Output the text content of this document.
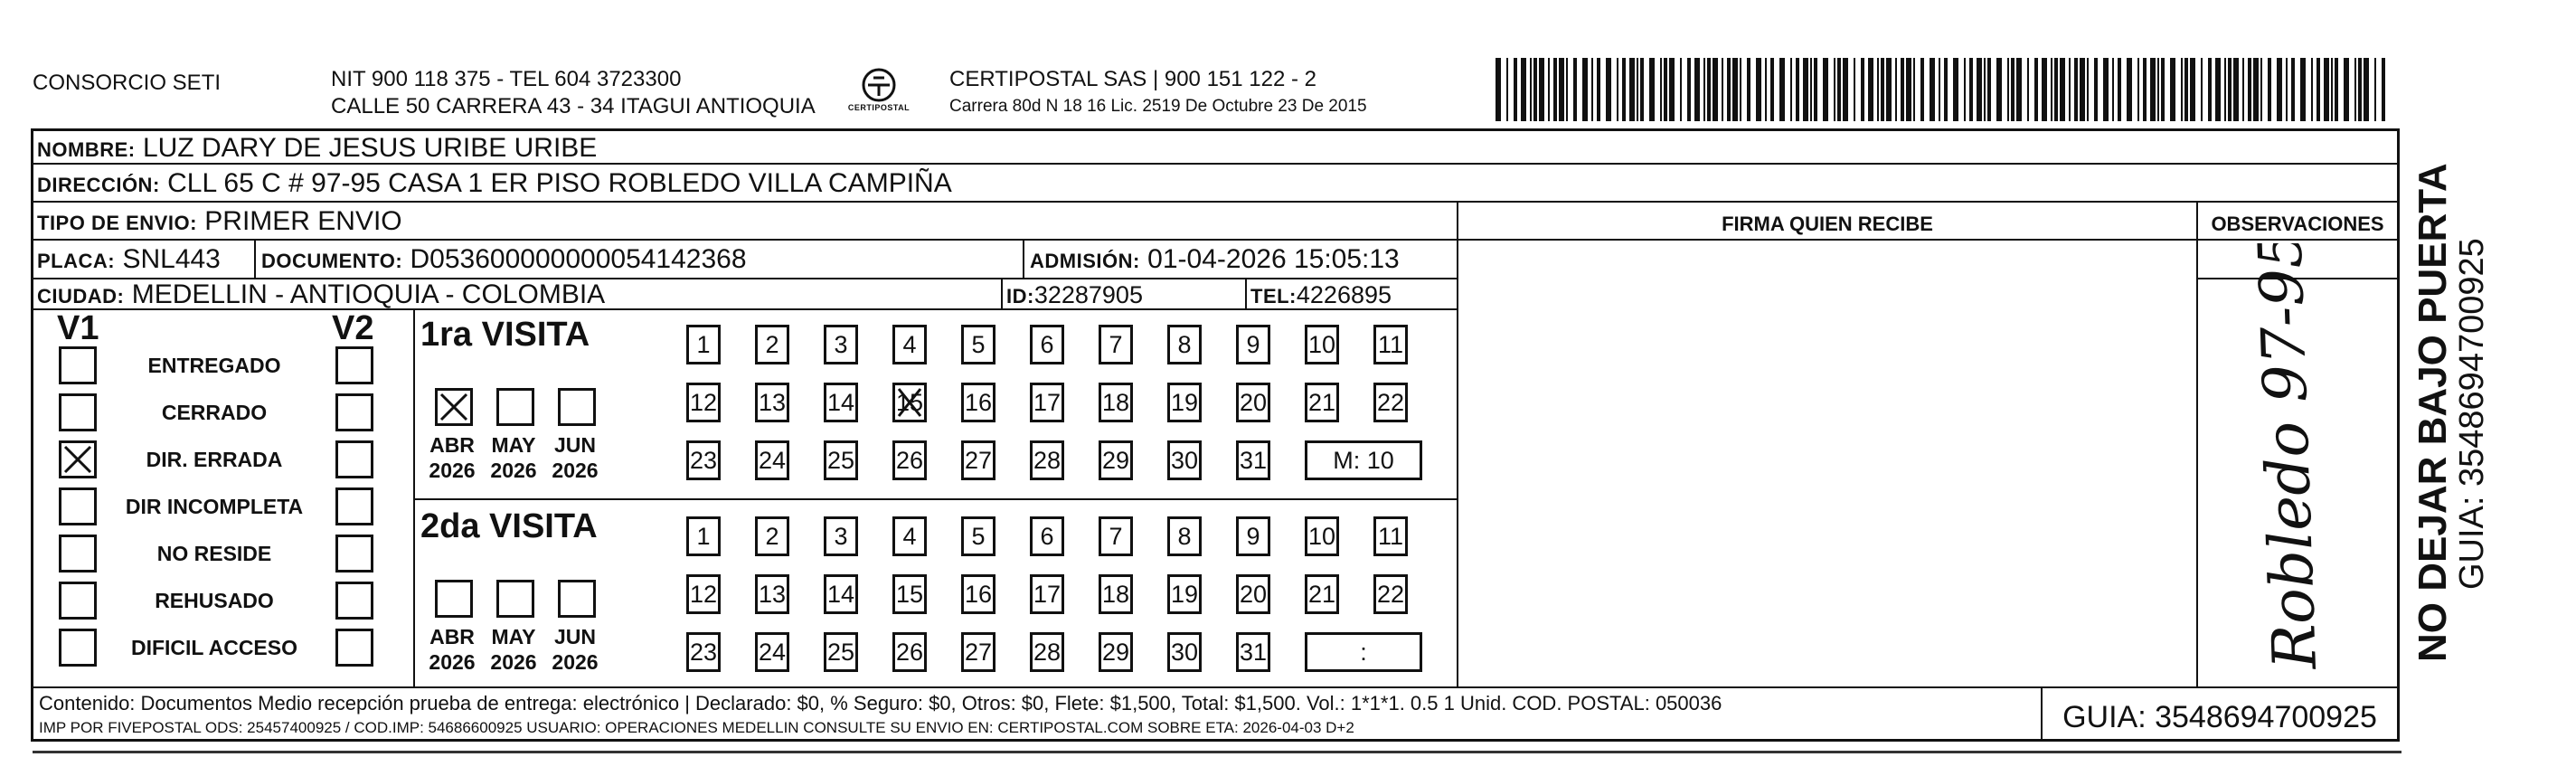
CONSORCIO SETI	NIT 900 118 375 - TEL 604 3723300
CALLE 50 CARRERA 43 - 34 ITAGUI ANTIOQUIA	CERTIPOSTAL
CERTIPOSTAL SAS | 900 151 122 - 2
Carrera 80d N 18 16 Lic. 2519 De Octubre 23 De 2015
NOMBRE: LUZ DARY DE JESUS URIBE URIBE
DIRECCIÓN: CLL 65 C # 97-95 CASA 1 ER PISO ROBLEDO VILLA CAMPIÑA
TIPO DE ENVIO: PRIMER ENVIO	FIRMA QUIEN RECIBE	OBSERVACIONES
PLACA: SNL443 DOCUMENTO: D053600000000054142368	ADMISIÓN: 01-04-2026 15:05:13
CIUDAD: MEDELLIN - ANTIOQUIA - COLOMBIA	ID:32287905	TEL:4226895
V1	V2
ENTREGADO
CERRADO
DIR. ERRADA
DIR INCOMPLETA
NO RESIDE
REHUSADO
DIFICIL ACCESO
1ra VISITA
ABR
2026
MAY
2026
JUN
2026
1	2	3	4	5	6	7	8	9	10 11
12 13 14 15 16 17 18 19 20 21 22
23 24 25 26 27 28 29 30 31	M: 10
2da VISITA
ABR
2026
MAY
2026
JUN
2026
1	2	3	4	5	6	7	8	9	10 11
12 13 14 15 16 17 18 19 20 21 22
23 24 25 26 27 28 29 30 31	:	Robledo 97-95
Contenido: Documentos Medio recepción prueba de entrega: electrónico | Declarado: $0, % Seguro: $0, Otros: $0, Flete: $1,500, Total: $1,500. Vol.: 1*1*1. 0.5 1 Unid. COD. POSTAL: 050036
IMP POR FIVEPOSTAL ODS: 25457400925 / COD.IMP: 54686600925 USUARIO: OPERACIONES MEDELLIN CONSULTE SU ENVIO EN: CERTIPOSTAL.COM SOBRE ETA: 2026-04-03 D+2	GUIA: 3548694700925
NO DEJAR BAJO PUERTA
GUIA: 3548694700925
